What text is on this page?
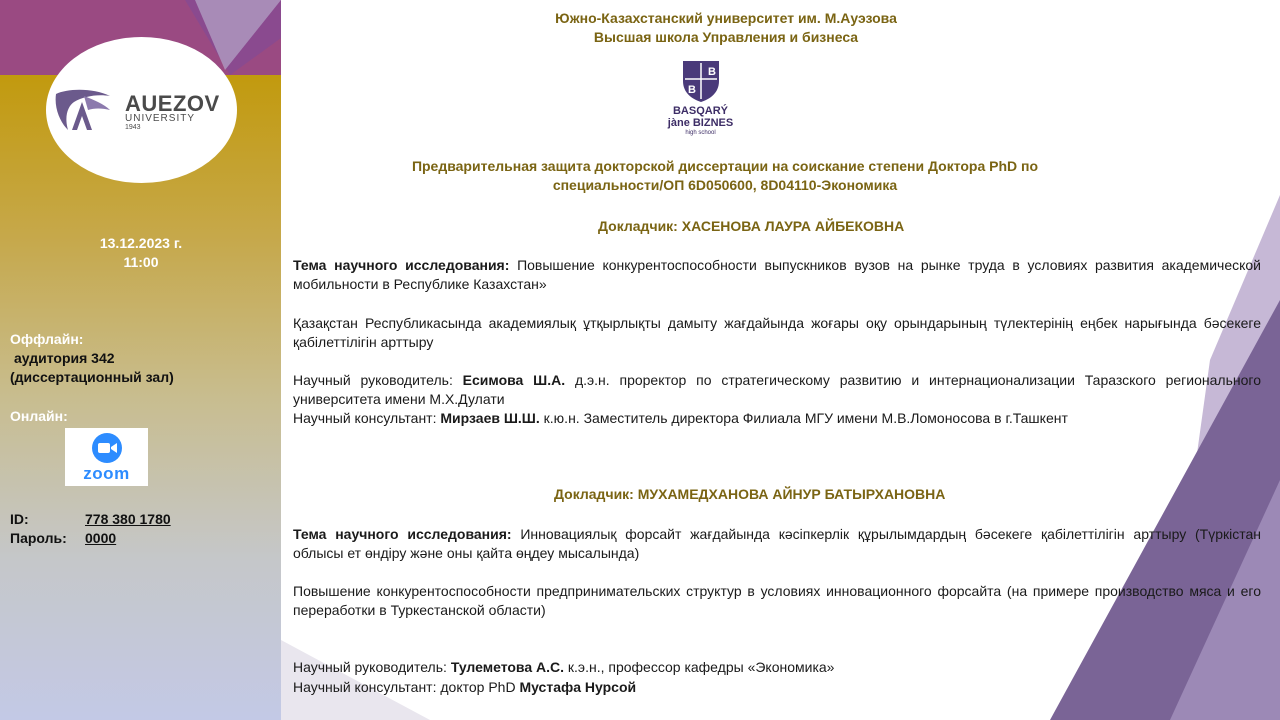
AUEZOV
UNIVERSITY
1943
13.12.2023 г.
11:00
Оффлайн:
аудитория 342
(диссертационный зал)
Онлайн:
zoom
ID:	778 380 1780
Пароль: 0000
Южно-Казахстанский университет им. М.Ауэзова
Высшая школа Управления и бизнеса
B
B
BASQARÝ
jàne BIZNES
high school
Предварительная защита докторской диссертации на соискание степени Доктора PhD по
специальности/ОП 6D050600, 8D04110-Экономика
Докладчик: ХАСЕНОВА ЛАУРА АЙБЕКОВНА
Тема научного исследования: Повышение конкурентоспособности выпускников вузов на рынке труда в условиях развития академической мобильности в Республике Казахстан»
Қазақстан Республикасында академиялық ұтқырлықты дамыту жағдайында жоғары оқу орындарының түлектерінің еңбек нарығында бәсекеге қабілеттілігін арттыру
Научный руководитель: Есимова Ш.А. д.э.н. проректор по стратегическому развитию и интернационализации Таразского регионального университета имени М.Х.Дулати
Научный консультант: Мирзаев Ш.Ш. к.ю.н. Заместитель директора Филиала МГУ имени М.В.Ломоносова в г.Ташкент
Докладчик: МУХАМЕДХАНОВА АЙНУР БАТЫРХАНОВНА
Тема научного исследования: Инновациялық форсайт жағдайында кәсіпкерлік құрылымдардың бәсекеге қабілеттілігін арттыру (Түркістан облысы ет өндіру және оны қайта өңдеу мысалында)
Повышение конкурентоспособности предпринимательских структур в условиях инновационного форсайта (на примере производство мяса и его переработки в Туркестанской области)
Научный руководитель: Тулеметова А.С. к.э.н., профессор кафедры «Экономика»
Научный консультант: доктор PhD Мустафа Нурсой
